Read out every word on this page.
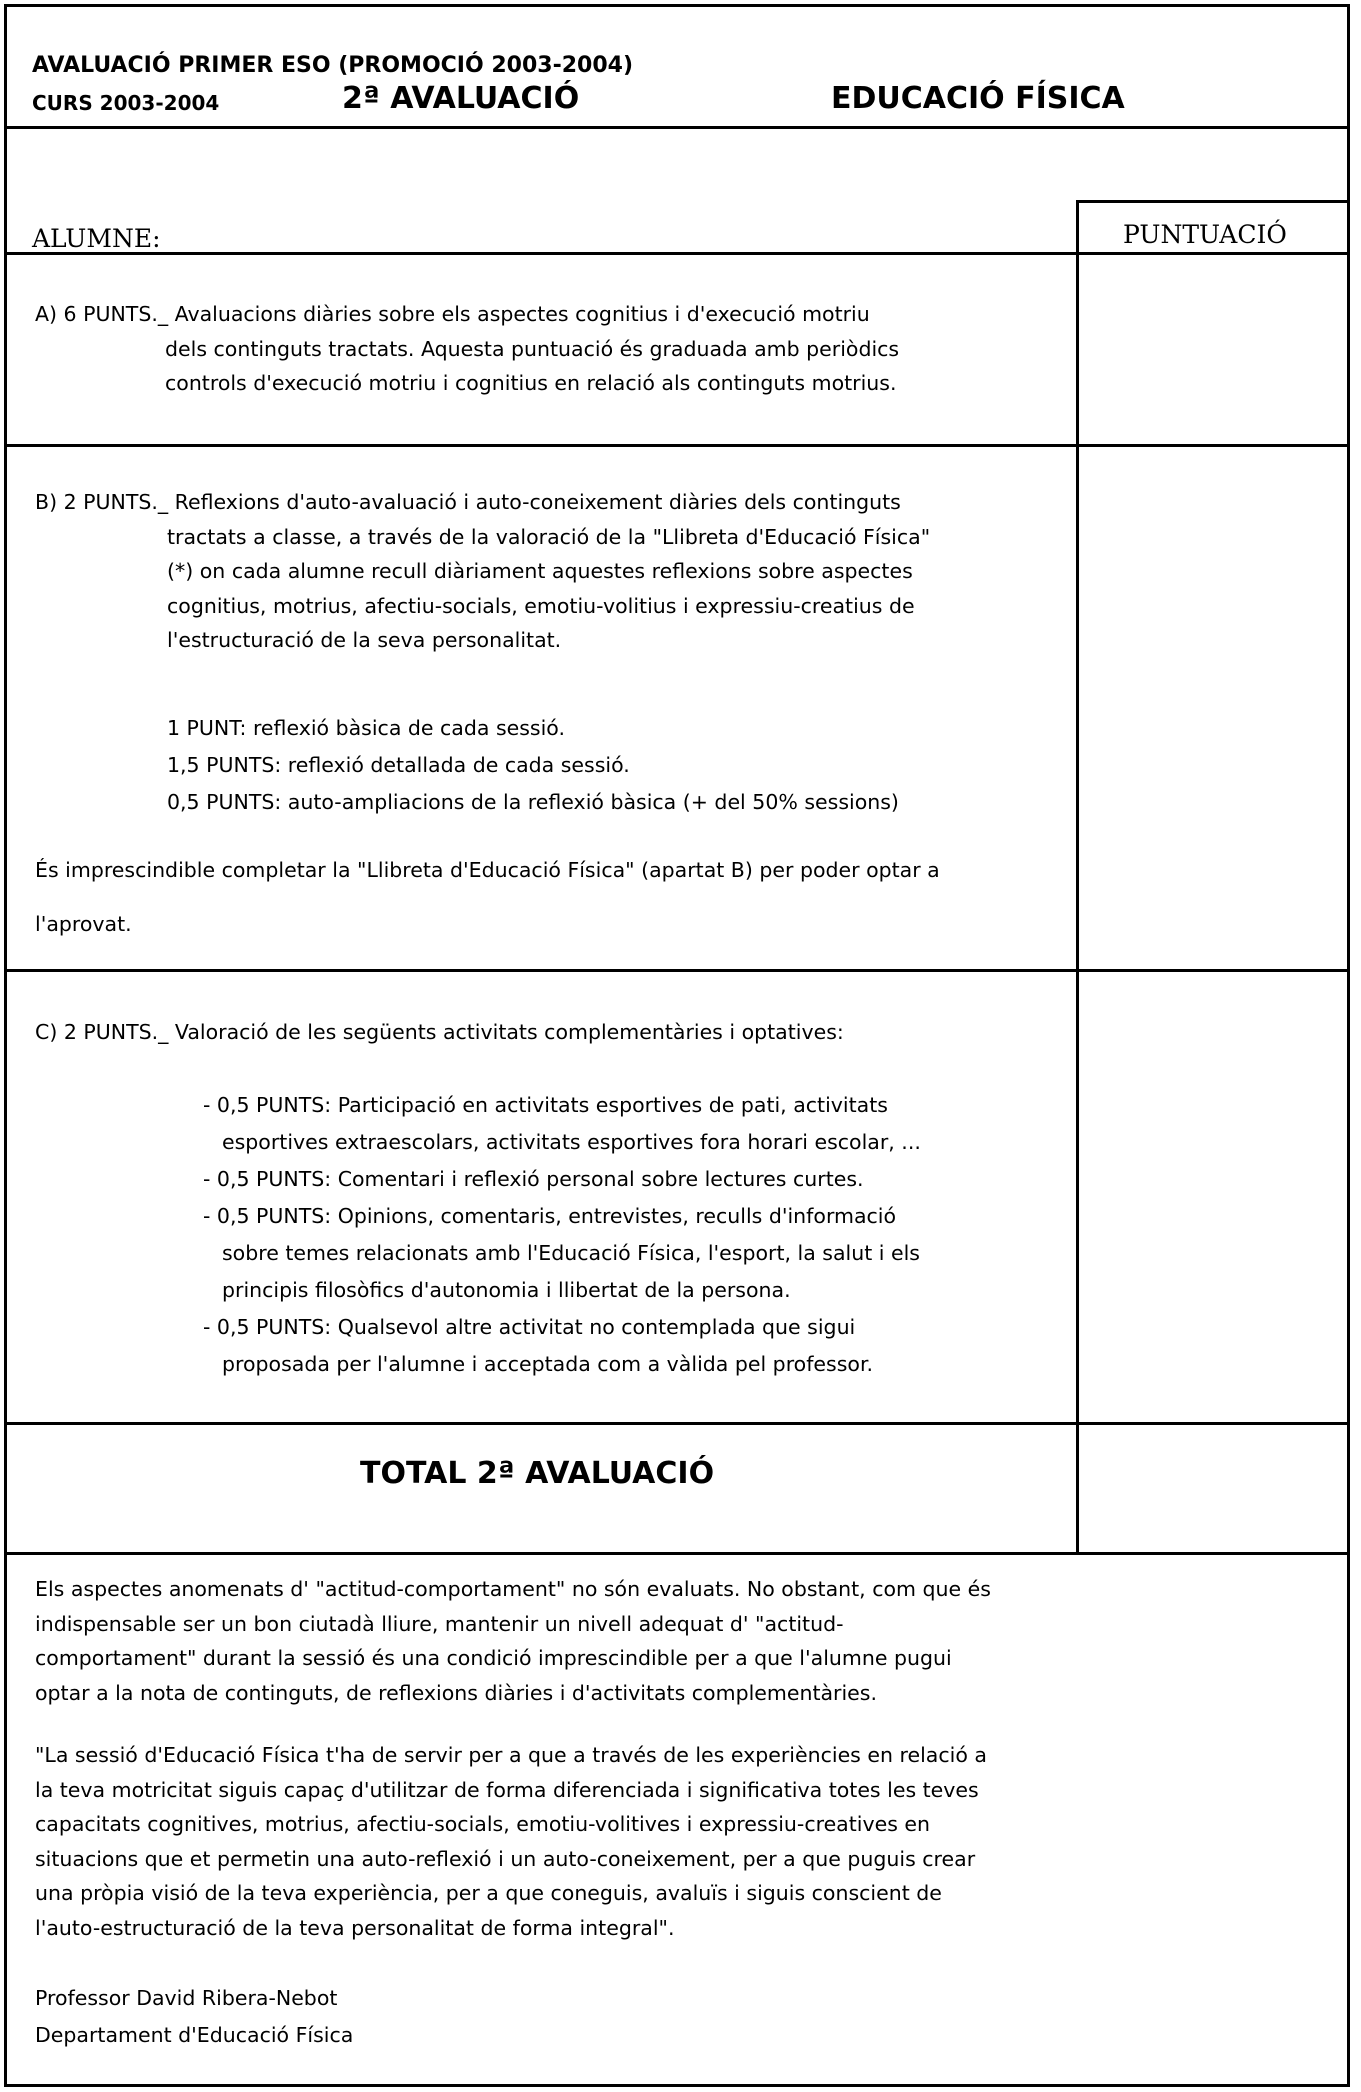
AVALUACIÓ PRIMER ESO (PROMOCIÓ 2003-2004)
CURS 2003-2004	2ª AVALUACIÓ	EDUCACIÓ FÍSICA
ALUMNE:	PUNTUACIÓ
A) 6 PUNTS._ Avaluacions diàries sobre els aspectes cognitius i d'execució motriu
dels continguts tractats. Aquesta puntuació és graduada amb periòdics
controls d'execució motriu i cognitius en relació als continguts motrius.
B) 2 PUNTS._ Reflexions d'auto-avaluació i auto-coneixement diàries dels continguts
tractats a classe, a través de la valoració de la "Llibreta d'Educació Física"
(*) on cada alumne recull diàriament aquestes reflexions sobre aspectes
cognitius, motrius, afectiu-socials, emotiu-volitius i expressiu-creatius de
l'estructuració de la seva personalitat.
1 PUNT: reflexió bàsica de cada sessió.
1,5 PUNTS: reflexió detallada de cada sessió.
0,5 PUNTS: auto-ampliacions de la reflexió bàsica (+ del 50% sessions)
És imprescindible completar la "Llibreta d'Educació Física" (apartat B) per poder optar a
l'aprovat.
C) 2 PUNTS._ Valoració de les següents activitats complementàries i optatives:
- 0,5 PUNTS: Participació en activitats esportives de pati, activitats
esportives extraescolars, activitats esportives fora horari escolar, ...
- 0,5 PUNTS: Comentari i reflexió personal sobre lectures curtes.
- 0,5 PUNTS: Opinions, comentaris, entrevistes, reculls d'informació
sobre temes relacionats amb l'Educació Física, l'esport, la salut i els
principis filosòfics d'autonomia i llibertat de la persona.
- 0,5 PUNTS: Qualsevol altre activitat no contemplada que sigui
proposada per l'alumne i acceptada com a vàlida pel professor.
TOTAL 2ª AVALUACIÓ
Els aspectes anomenats d' "actitud-comportament" no són evaluats. No obstant, com que és
indispensable ser un bon ciutadà lliure, mantenir un nivell adequat d' "actitud-
comportament" durant la sessió és una condició imprescindible per a que l'alumne pugui
optar a la nota de continguts, de reflexions diàries i d'activitats complementàries.
"La sessió d'Educació Física t'ha de servir per a que a través de les experiències en relació a
la teva motricitat siguis capaç d'utilitzar de forma diferenciada i significativa totes les teves
capacitats cognitives, motrius, afectiu-socials, emotiu-volitives i expressiu-creatives en
situacions que et permetin una auto-reflexió i un auto-coneixement, per a que puguis crear
una pròpia visió de la teva experiència, per a que coneguis, avaluïs i siguis conscient de
l'auto-estructuració de la teva personalitat de forma integral".
Professor David Ribera-Nebot
Departament d'Educació Física
